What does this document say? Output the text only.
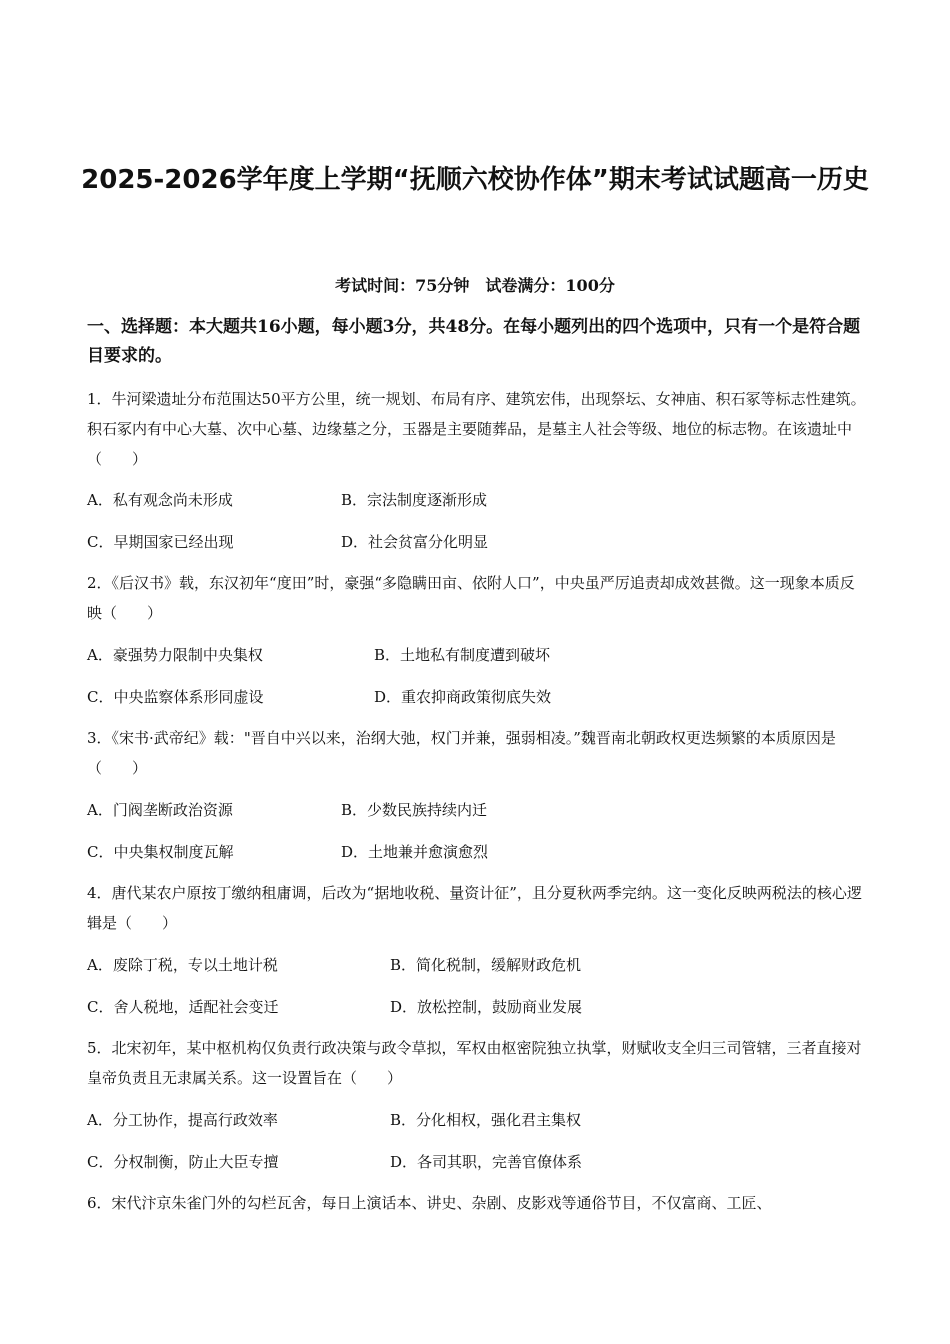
2025-2026学年度上学期“抚顺六校协作体”期末考试试题高一历史
考试时间：75分钟　试卷满分：100分
一、选择题：本大题共16小题，每小题3分，共48分。在每小题列出的四个选项中，只有一个是符合题目要求的。
1．牛河梁遗址分布范围达50平方公里，统一规划、布局有序、建筑宏伟，出现祭坛、女神庙、积石冢等标志性建筑。积石冢内有中心大墓、次中心墓、边缘墓之分，玉器是主要随葬品，是墓主人社会等级、地位的标志物。在该遗址中（　　）
A．私有观念尚未形成	B．宗法制度逐渐形成
C．早期国家已经出现	D．社会贫富分化明显
2．《后汉书》载，东汉初年“度田”时，豪强“多隐瞒田亩、依附人口”，中央虽严厉追责却成效甚微。这一现象本质反映（　　）
A．豪强势力限制中央集权	B．土地私有制度遭到破坏
C．中央监察体系形同虚设	D．重农抑商政策彻底失效
3．《宋书·武帝纪》载："晋自中兴以来，治纲大弛，权门并兼，强弱相凌。”魏晋南北朝政权更迭频繁的本质原因是（　　）
A．门阀垄断政治资源	B．少数民族持续内迁
C．中央集权制度瓦解	D．土地兼并愈演愈烈
4．唐代某农户原按丁缴纳租庸调，后改为“据地收税、量资计征”，且分夏秋两季完纳。这一变化反映两税法的核心逻辑是（　　）
A．废除丁税，专以土地计税	B．简化税制，缓解财政危机
C．舍人税地，适配社会变迁	D．放松控制，鼓励商业发展
5．北宋初年，某中枢机构仅负责行政决策与政令草拟，军权由枢密院独立执掌，财赋收支全归三司管辖，三者直接对皇帝负责且无隶属关系。这一设置旨在（　　）
A．分工协作，提高行政效率	B．分化相权，强化君主集权
C．分权制衡，防止大臣专擅	D．各司其职，完善官僚体系
6．宋代汴京朱雀门外的勾栏瓦舍，每日上演话本、讲史、杂剧、皮影戏等通俗节目，不仅富商、工匠、
